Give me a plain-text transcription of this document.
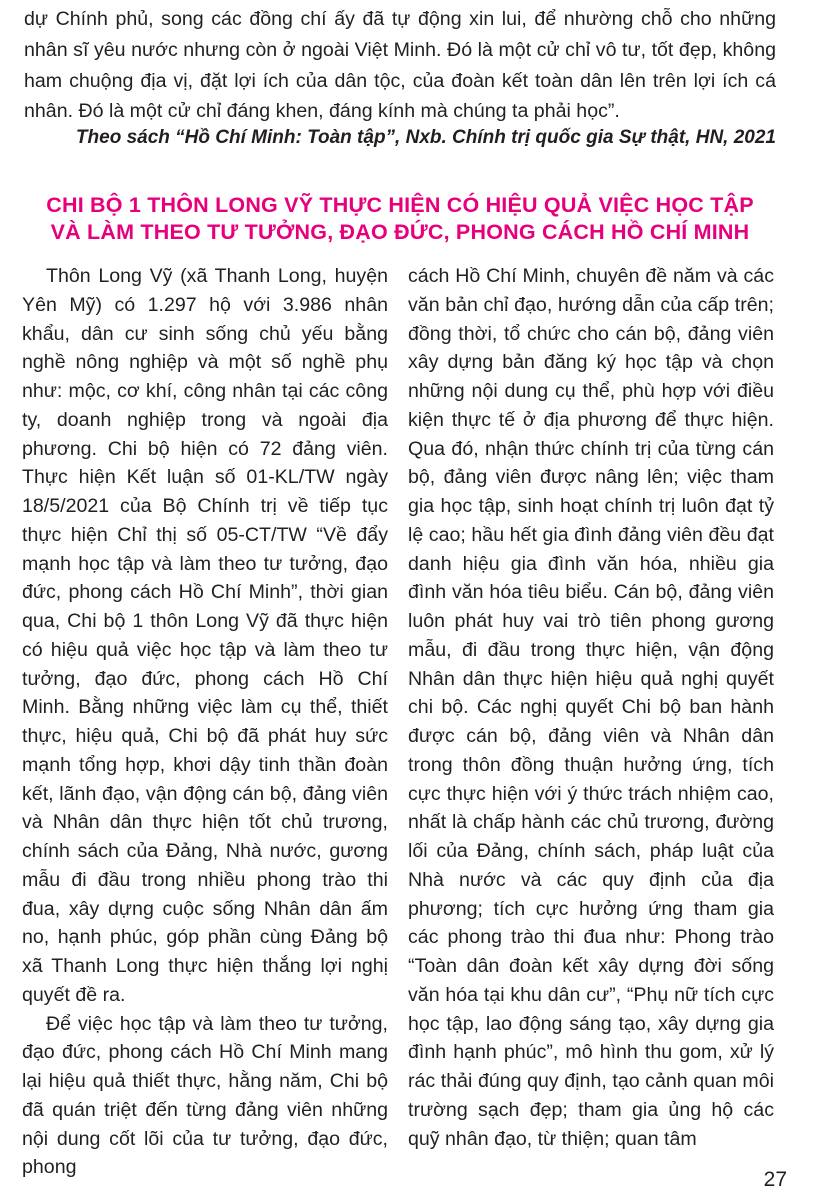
dự Chính phủ, song các đồng chí ấy đã tự động xin lui, để nhường chỗ cho những nhân sĩ yêu nước nhưng còn ở ngoài Việt Minh. Đó là một cử chỉ vô tư, tốt đẹp, không ham chuộng địa vị, đặt lợi ích của dân tộc, của đoàn kết toàn dân lên trên lợi ích cá nhân. Đó là một cử chỉ đáng khen, đáng kính mà chúng ta phải học”.

Theo sách “Hồ Chí Minh: Toàn tập”, Nxb. Chính trị quốc gia Sự thật, HN, 2021
CHI BỘ 1 THÔN LONG VỸ THỰC HIỆN CÓ HIỆU QUẢ VIỆC HỌC TẬP
VÀ LÀM THEO TƯ TƯỞNG, ĐẠO ĐỨC, PHONG CÁCH HỒ CHÍ MINH

Thôn Long Vỹ (xã Thanh Long, huyện Yên Mỹ) có 1.297 hộ với 3.986 nhân khẩu, dân cư sinh sống chủ yếu bằng nghề nông nghiệp và một số nghề phụ như: mộc, cơ khí, công nhân tại các công ty, doanh nghiệp trong và ngoài địa phương. Chi bộ hiện có 72 đảng viên. Thực hiện Kết luận số 01-KL/TW ngày 18/5/2021 của Bộ Chính trị về tiếp tục thực hiện Chỉ thị số 05-CT/TW “Về đẩy mạnh học tập và làm theo tư tưởng, đạo đức, phong cách Hồ Chí Minh”, thời gian qua, Chi bộ 1 thôn Long Vỹ đã thực hiện có hiệu quả việc học tập và làm theo tư tưởng, đạo đức, phong cách Hồ Chí Minh. Bằng những việc làm cụ thể, thiết thực, hiệu quả, Chi bộ đã phát huy sức mạnh tổng hợp, khơi dậy tinh thần đoàn kết, lãnh đạo, vận động cán bộ, đảng viên và Nhân dân thực hiện tốt chủ trương, chính sách của Đảng, Nhà nước, gương mẫu đi đầu trong nhiều phong trào thi đua, xây dựng cuộc sống Nhân dân ấm no, hạnh phúc, góp phần cùng Đảng bộ xã Thanh Long thực hiện thắng lợi nghị quyết đề ra.

Để việc học tập và làm theo tư tưởng, đạo đức, phong cách Hồ Chí Minh mang lại hiệu quả thiết thực, hằng năm, Chi bộ đã quán triệt đến từng đảng viên những nội dung cốt lõi của tư tưởng, đạo đức, phong

cách Hồ Chí Minh, chuyên đề năm và các văn bản chỉ đạo, hướng dẫn của cấp trên; đồng thời, tổ chức cho cán bộ, đảng viên xây dựng bản đăng ký học tập và chọn những nội dung cụ thể, phù hợp với điều kiện thực tế ở địa phương để thực hiện. Qua đó, nhận thức chính trị của từng cán bộ, đảng viên được nâng lên; việc tham gia học tập, sinh hoạt chính trị luôn đạt tỷ lệ cao; hầu hết gia đình đảng viên đều đạt danh hiệu gia đình văn hóa, nhiều gia đình văn hóa tiêu biểu. Cán bộ, đảng viên luôn phát huy vai trò tiên phong gương mẫu, đi đầu trong thực hiện, vận động Nhân dân thực hiện hiệu quả nghị quyết chi bộ. Các nghị quyết Chi bộ ban hành được cán bộ, đảng viên và Nhân dân trong thôn đồng thuận hưởng ứng, tích cực thực hiện với ý thức trách nhiệm cao, nhất là chấp hành các chủ trương, đường lối của Đảng, chính sách, pháp luật của Nhà nước và các quy định của địa phương; tích cực hưởng ứng tham gia các phong trào thi đua như: Phong trào “Toàn dân đoàn kết xây dựng đời sống văn hóa tại khu dân cư”, “Phụ nữ tích cực học tập, lao động sáng tạo, xây dựng gia đình hạnh phúc”, mô hình thu gom, xử lý rác thải đúng quy định, tạo cảnh quan môi trường sạch đẹp; tham gia ủng hộ các quỹ nhân đạo, từ thiện; quan tâm

27
